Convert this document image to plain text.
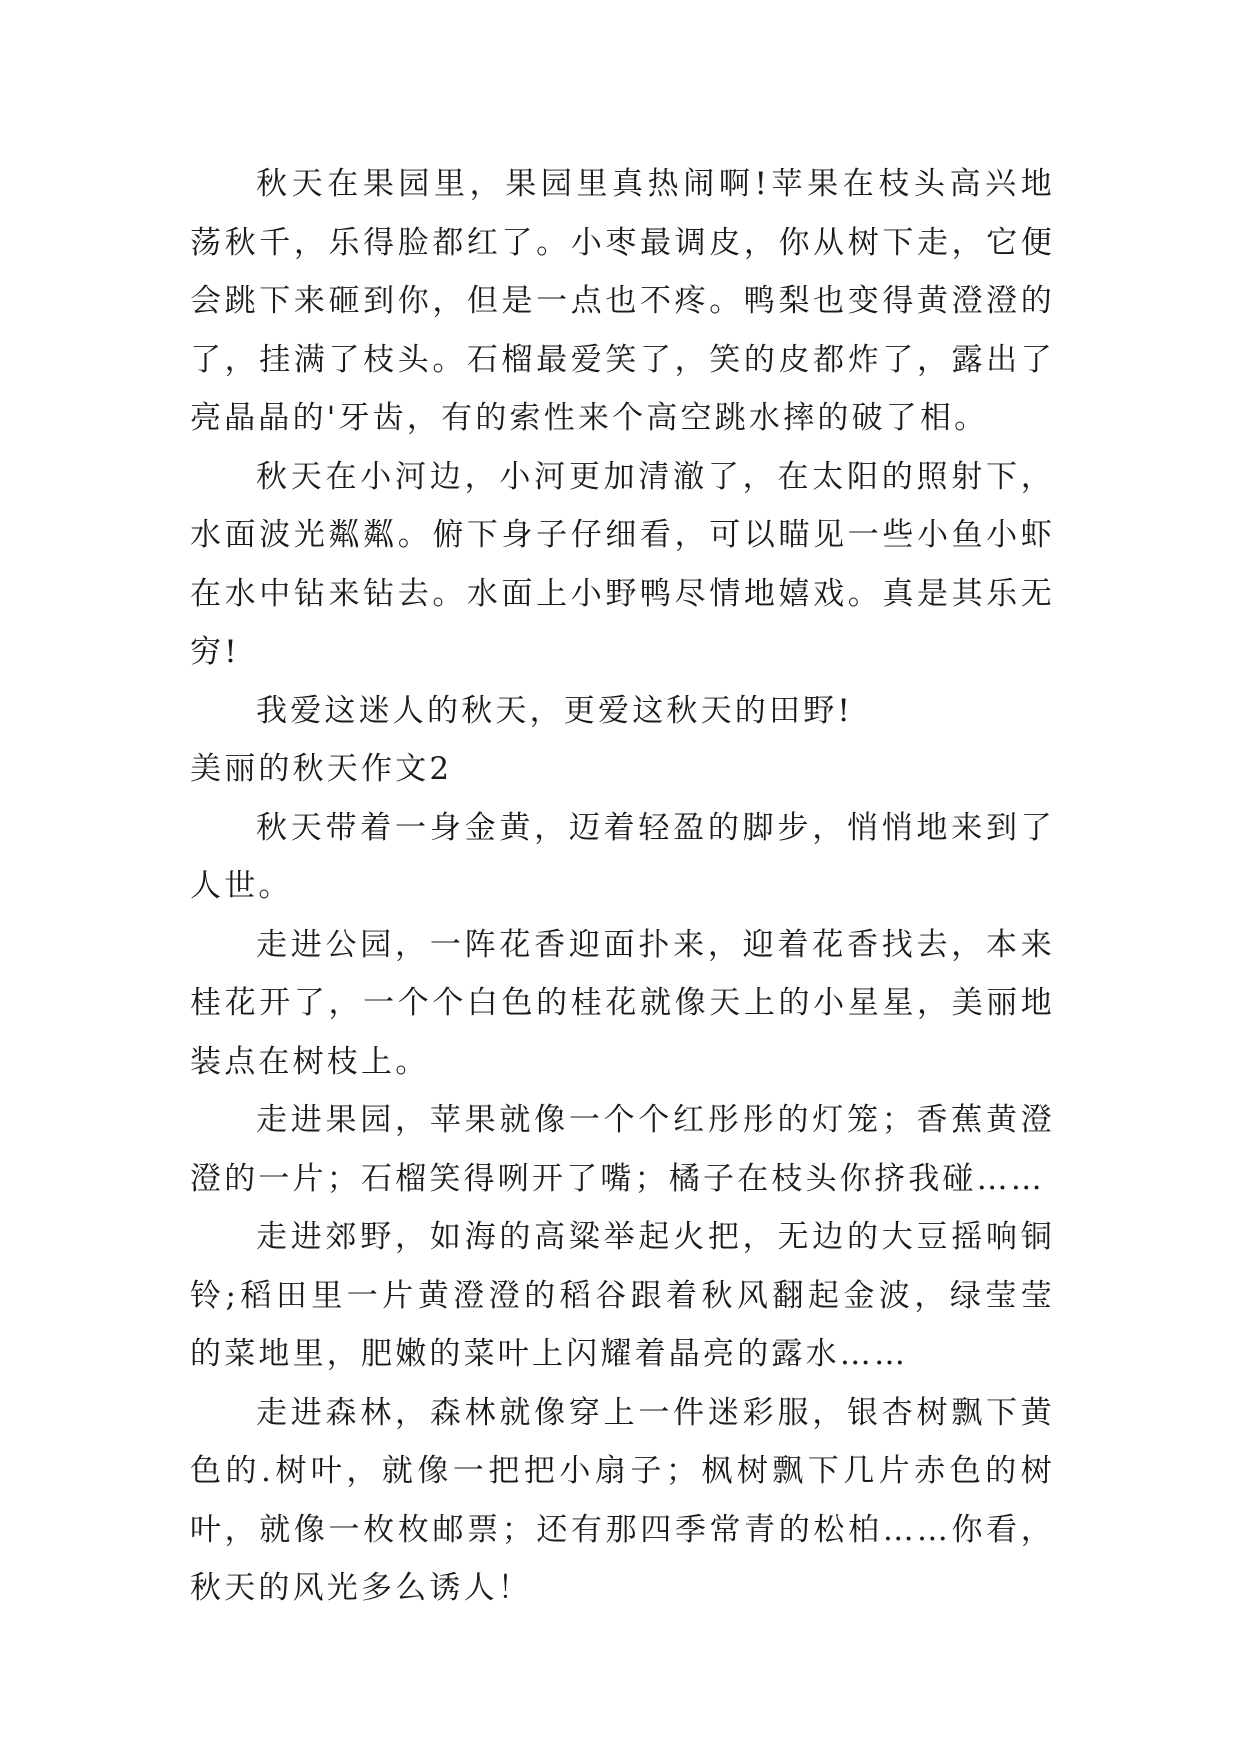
秋天在果园里，果园里真热闹啊!苹果在枝头高兴地荡秋千，乐得脸都红了。小枣最调皮，你从树下走，它便会跳下来砸到你，但是一点也不疼。鸭梨也变得黄澄澄的了，挂满了枝头。石榴最爱笑了，笑的皮都炸了，露出了亮晶晶的'牙齿，有的索性来个高空跳水摔的破了相。

秋天在小河边，小河更加清澈了，在太阳的照射下，水面波光粼粼。俯下身子仔细看，可以瞄见一些小鱼小虾在水中钻来钻去。水面上小野鸭尽情地嬉戏。真是其乐无穷!

我爱这迷人的秋天，更爱这秋天的田野!

美丽的秋天作文2

秋天带着一身金黄，迈着轻盈的脚步，悄悄地来到了人世。

走进公园，一阵花香迎面扑来，迎着花香找去，本来桂花开了，一个个白色的桂花就像天上的小星星，美丽地装点在树枝上。

走进果园，苹果就像一个个红彤彤的灯笼；香蕉黄澄澄的一片；石榴笑得咧开了嘴；橘子在枝头你挤我碰……

走进郊野，如海的高粱举起火把，无边的大豆摇响铜铃;稻田里一片黄澄澄的稻谷跟着秋风翻起金波，绿莹莹的菜地里，肥嫩的菜叶上闪耀着晶亮的露水……

走进森林，森林就像穿上一件迷彩服，银杏树飘下黄色的.树叶，就像一把把小扇子；枫树飘下几片赤色的树叶，就像一枚枚邮票；还有那四季常青的松柏……你看，秋天的风光多么诱人！
